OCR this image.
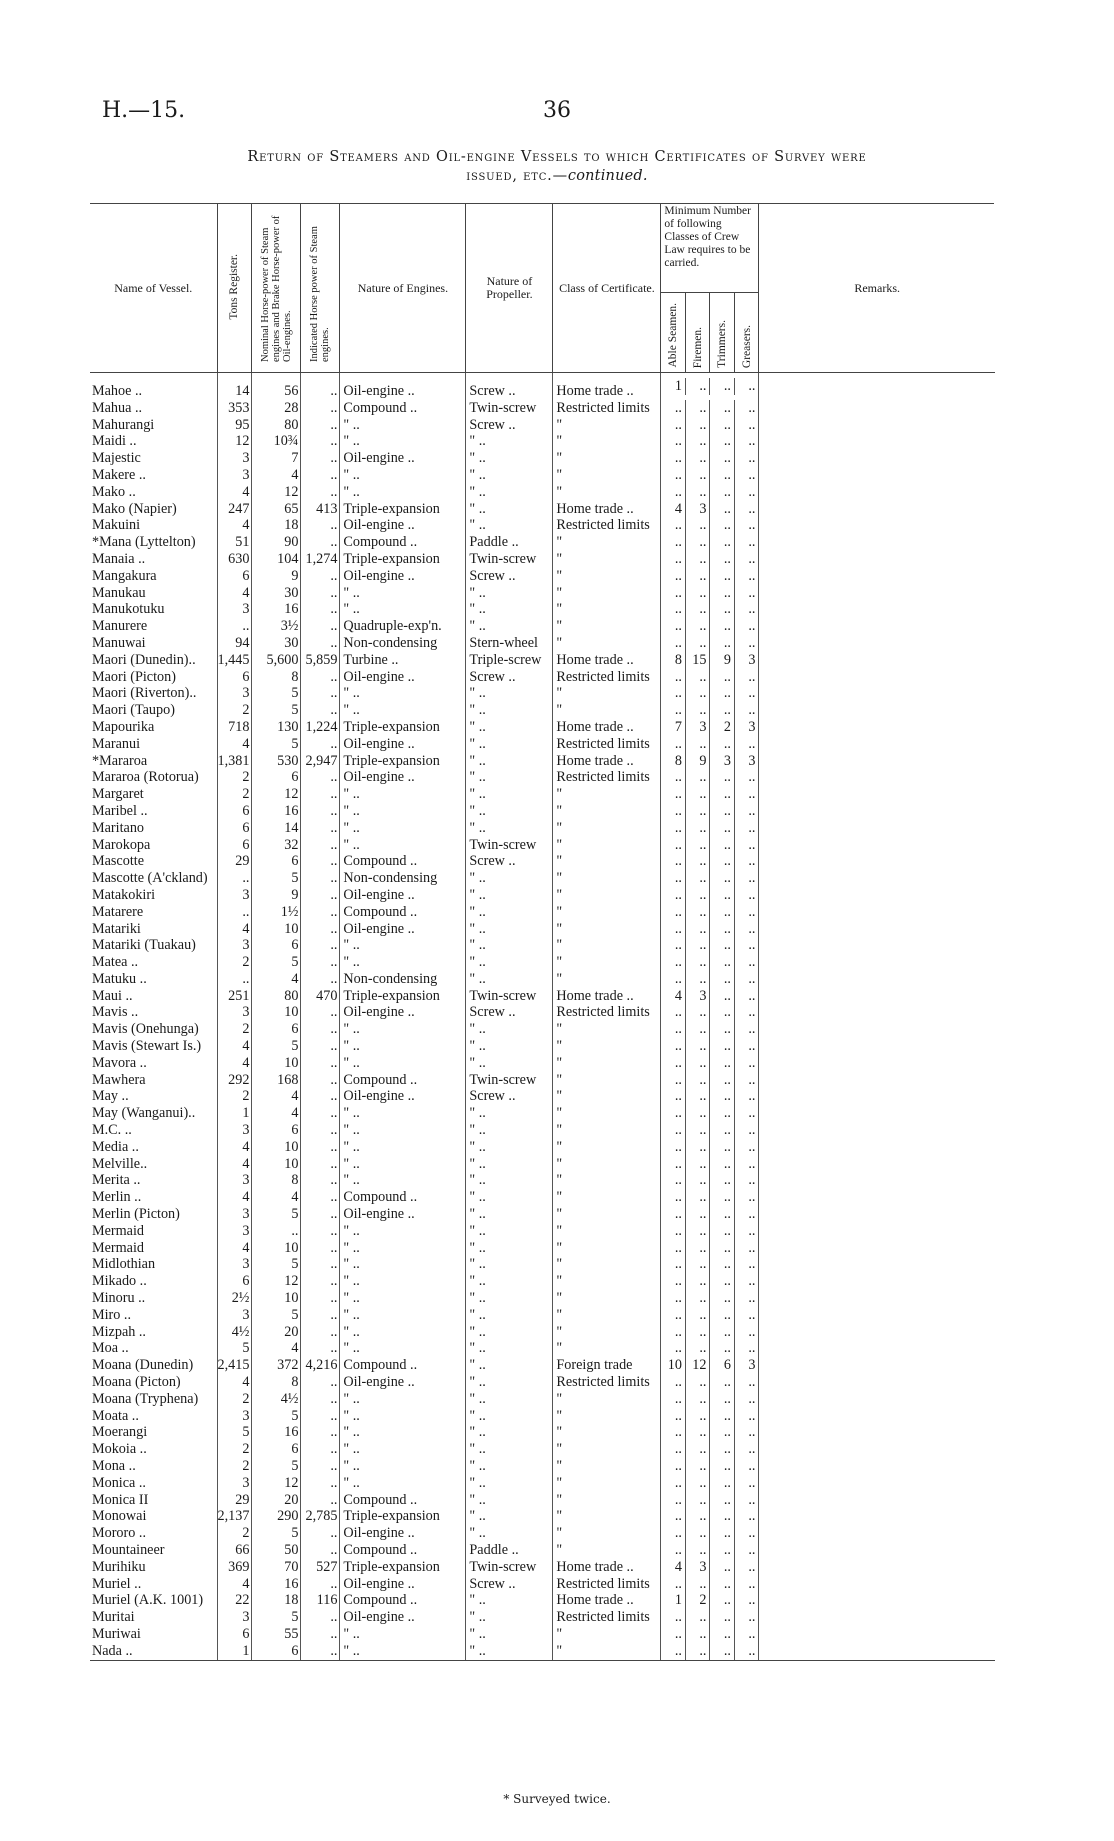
H.—15.	36
Return of Steamers and Oil-engine Vessels to which Certificates of Survey were
issued, etc.—continued.
Name of Vessel.	Tons Register.	Nominal Horse-power of Steam engines and Brake Horse-power of Oil-engines.	Indicated Horse power of Steam engines.	Nature of Engines.	Nature of Propeller.	Class of Certificate.	Minimum Number of following Classes of Crew Law requires to be carried.
Able Seamen. Firemen. Trimmers. Greasers.	Remarks.
Mahoe ..	14	56	..	Oil-engine ..	Screw ..	Home trade ..	1 .. .. ..	

Mahua ..	353	28	..	Compound ..	Twin-screw	Restricted limits	.. .. .. ..	

Mahurangi	95	80	..	" ..	Screw ..	"	.. .. .. ..	

Maidi ..	12	10¾	..	" ..	" ..	"	.. .. .. ..	

Majestic	3	7	..	Oil-engine ..	" ..	"	.. .. .. ..	

Makere ..	3	4	..	" ..	" ..	"	.. .. .. ..	

Mako ..	4	12	..	" ..	" ..	"	.. .. .. ..	

Mako (Napier)	247	65	413	Triple-expansion	" ..	Home trade ..	4 3 .. ..	

Makuini	4	18	..	Oil-engine ..	" ..	Restricted limits	.. .. .. ..	

*Mana (Lyttelton)	51	90	..	Compound ..	Paddle ..	"	.. .. .. ..	

Manaia ..	630	104	1,274	Triple-expansion	Twin-screw	"	.. .. .. ..	

Mangakura	6	9	..	Oil-engine ..	Screw ..	"	.. .. .. ..	

Manukau	4	30	..	" ..	" ..	"	.. .. .. ..	

Manukotuku	3	16	..	" ..	" ..	"	.. .. .. ..	

Manurere	..	3½	..	Quadruple-exp'n.	" ..	"	.. .. .. ..	

Manuwai	94	30	..	Non-condensing	Stern-wheel	"	.. .. .. ..	

Maori (Dunedin)..	1,445	5,600	5,859	Turbine ..	Triple-screw	Home trade ..	8 15 9 3	

Maori (Picton)	6	8	..	Oil-engine ..	Screw ..	Restricted limits	.. .. .. ..	

Maori (Riverton)..	3	5	..	" ..	" ..	"	.. .. .. ..	

Maori (Taupo)	2	5	..	" ..	" ..	"	.. .. .. ..	

Mapourika	718	130	1,224	Triple-expansion	" ..	Home trade ..	7 3 2 3	

Maranui	4	5	..	Oil-engine ..	" ..	Restricted limits	.. .. .. ..	

*Mararoa	1,381	530	2,947	Triple-expansion	" ..	Home trade ..	8 9 3 3	

Mararoa (Rotorua)	2	6	..	Oil-engine ..	" ..	Restricted limits	.. .. .. ..	

Margaret	2	12	..	" ..	" ..	"	.. .. .. ..	

Maribel ..	6	16	..	" ..	" ..	"	.. .. .. ..	

Maritano	6	14	..	" ..	" ..	"	.. .. .. ..	

Marokopa	6	32	..	" ..	Twin-screw	"	.. .. .. ..	

Mascotte	29	6	..	Compound ..	Screw ..	"	.. .. .. ..	

Mascotte (A'ckland)	..	5	..	Non-condensing	" ..	"	.. .. .. ..	

Matakokiri	3	9	..	Oil-engine ..	" ..	"	.. .. .. ..	

Matarere	..	1½	..	Compound ..	" ..	"	.. .. .. ..	

Matariki	4	10	..	Oil-engine ..	" ..	"	.. .. .. ..	

Matariki (Tuakau)	3	6	..	" ..	" ..	"	.. .. .. ..	

Matea ..	2	5	..	" ..	" ..	"	.. .. .. ..	

Matuku ..	..	4	..	Non-condensing	" ..	"	.. .. .. ..	

Maui ..	251	80	470	Triple-expansion	Twin-screw	Home trade ..	4 3 .. ..	

Mavis ..	3	10	..	Oil-engine ..	Screw ..	Restricted limits	.. .. .. ..	

Mavis (Onehunga)	2	6	..	" ..	" ..	"	.. .. .. ..	

Mavis (Stewart Is.)	4	5	..	" ..	" ..	"	.. .. .. ..	

Mavora ..	4	10	..	" ..	" ..	"	.. .. .. ..	

Mawhera	292	168	..	Compound ..	Twin-screw	"	.. .. .. ..	

May ..	2	4	..	Oil-engine ..	Screw ..	"	.. .. .. ..	

May (Wanganui)..	1	4	..	" ..	" ..	"	.. .. .. ..	

M.C. ..	3	6	..	" ..	" ..	"	.. .. .. ..	

Media ..	4	10	..	" ..	" ..	"	.. .. .. ..	

Melville..	4	10	..	" ..	" ..	"	.. .. .. ..	

Merita ..	3	8	..	" ..	" ..	"	.. .. .. ..	

Merlin ..	4	4	..	Compound ..	" ..	"	.. .. .. ..	

Merlin (Picton)	3	5	..	Oil-engine ..	" ..	"	.. .. .. ..	

Mermaid	3	..	..	" ..	" ..	"	.. .. .. ..	

Mermaid	4	10	..	" ..	" ..	"	.. .. .. ..	

Midlothian	3	5	..	" ..	" ..	"	.. .. .. ..	

Mikado ..	6	12	..	" ..	" ..	"	.. .. .. ..	

Minoru ..	2½	10	..	" ..	" ..	"	.. .. .. ..	

Miro ..	3	5	..	" ..	" ..	"	.. .. .. ..	

Mizpah ..	4½	20	..	" ..	" ..	"	.. .. .. ..	

Moa ..	5	4	..	" ..	" ..	"	.. .. .. ..	

Moana (Dunedin)	2,415	372	4,216	Compound ..	" ..	Foreign trade	10 12 6 3	

Moana (Picton)	4	8	..	Oil-engine ..	" ..	Restricted limits	.. .. .. ..	

Moana (Tryphena)	2	4½	..	" ..	" ..	"	.. .. .. ..	

Moata ..	3	5	..	" ..	" ..	"	.. .. .. ..	

Moerangi	5	16	..	" ..	" ..	"	.. .. .. ..	

Mokoia ..	2	6	..	" ..	" ..	"	.. .. .. ..	

Mona ..	2	5	..	" ..	" ..	"	.. .. .. ..	

Monica ..	3	12	..	" ..	" ..	"	.. .. .. ..	

Monica II	29	20	..	Compound ..	" ..	"	.. .. .. ..	

Monowai	2,137	290	2,785	Triple-expansion	" ..	"	.. .. .. ..	

Mororo ..	2	5	..	Oil-engine ..	" ..	"	.. .. .. ..	

Mountaineer	66	50	..	Compound ..	Paddle ..	"	.. .. .. ..	

Murihiku	369	70	527	Triple-expansion	Twin-screw	Home trade ..	4 3 .. ..	

Muriel ..	4	16	..	Oil-engine ..	Screw ..	Restricted limits	.. .. .. ..	

Muriel (A.K. 1001)	22	18	116	Compound ..	" ..	Home trade ..	1 2 .. ..	

Muritai	3	5	..	Oil-engine ..	" ..	Restricted limits	.. .. .. ..	

Muriwai	6	55	..	" ..	" ..	"	.. .. .. ..	

Nada ..	1	6	..	" ..	" ..	"	.. .. .. ..	

* Surveyed twice.
